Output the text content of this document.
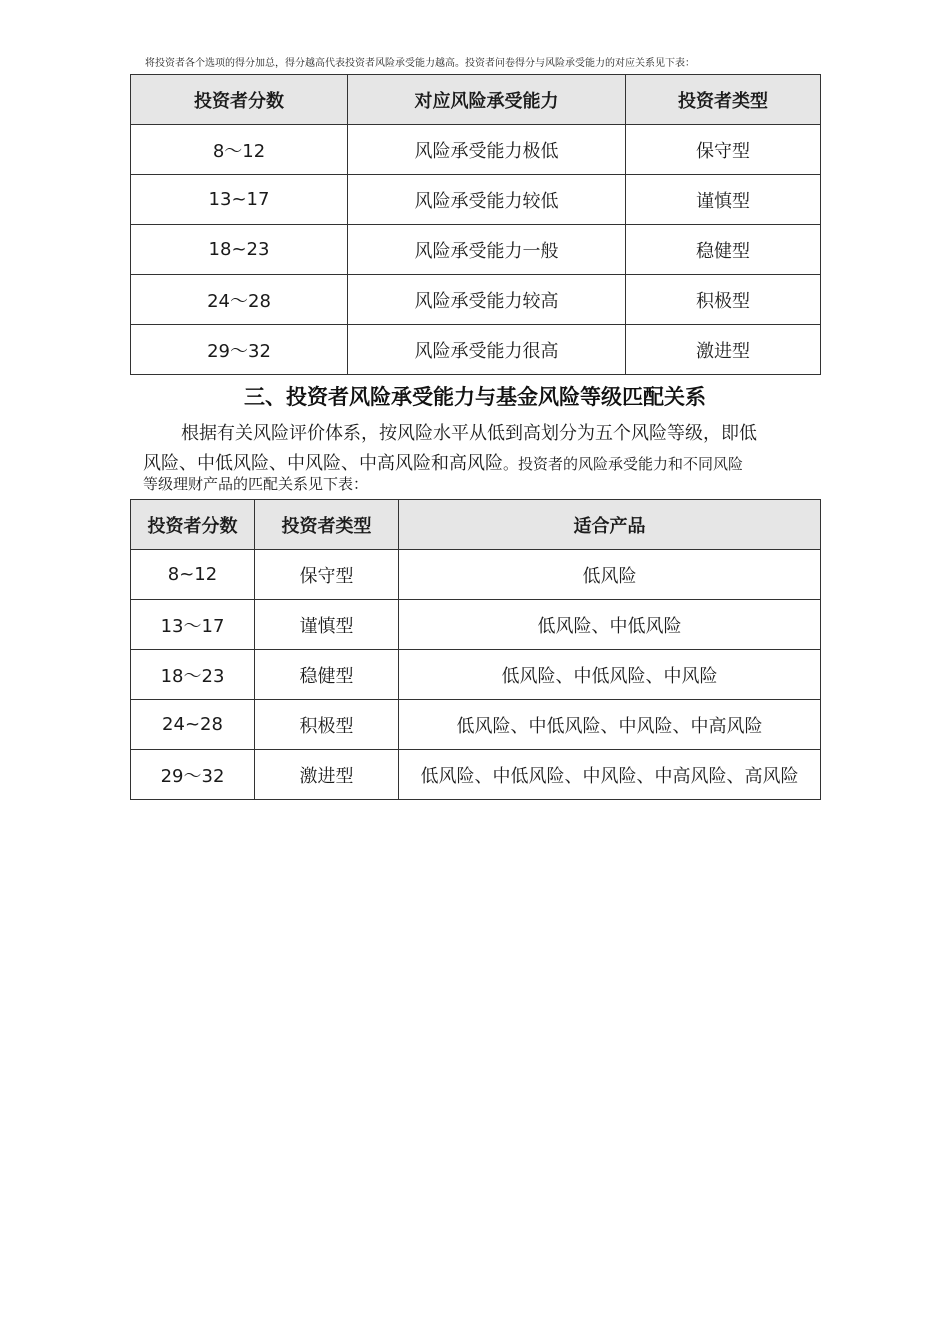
将投资者各个选项的得分加总，得分越高代表投资者风险承受能力越高。投资者问卷得分与风险承受能力的对应关系见下表：
投资者分数	对应风险承受能力	投资者类型
8～12	风险承受能力极低	保守型
13~17	风险承受能力较低	谨慎型
18~23	风险承受能力一般	稳健型
24～28	风险承受能力较高	积极型
29～32	风险承受能力很高	激进型
三、投资者风险承受能力与基金风险等级匹配关系
根据有关风险评价体系，按风险水平从低到高划分为五个风险等级，即低
风险、中低风险、中风险、中高风险和高风险。投资者的风险承受能力和不同风险
等级理财产品的匹配关系见下表：
投资者分数	投资者类型	适合产品
8~12	保守型	低风险
13～17	谨慎型	低风险、中低风险
18～23	稳健型	低风险、中低风险、中风险
24~28	积极型	低风险、中低风险、中风险、中高风险
29～32	激进型	低风险、中低风险、中风险、中高风险、高风险
